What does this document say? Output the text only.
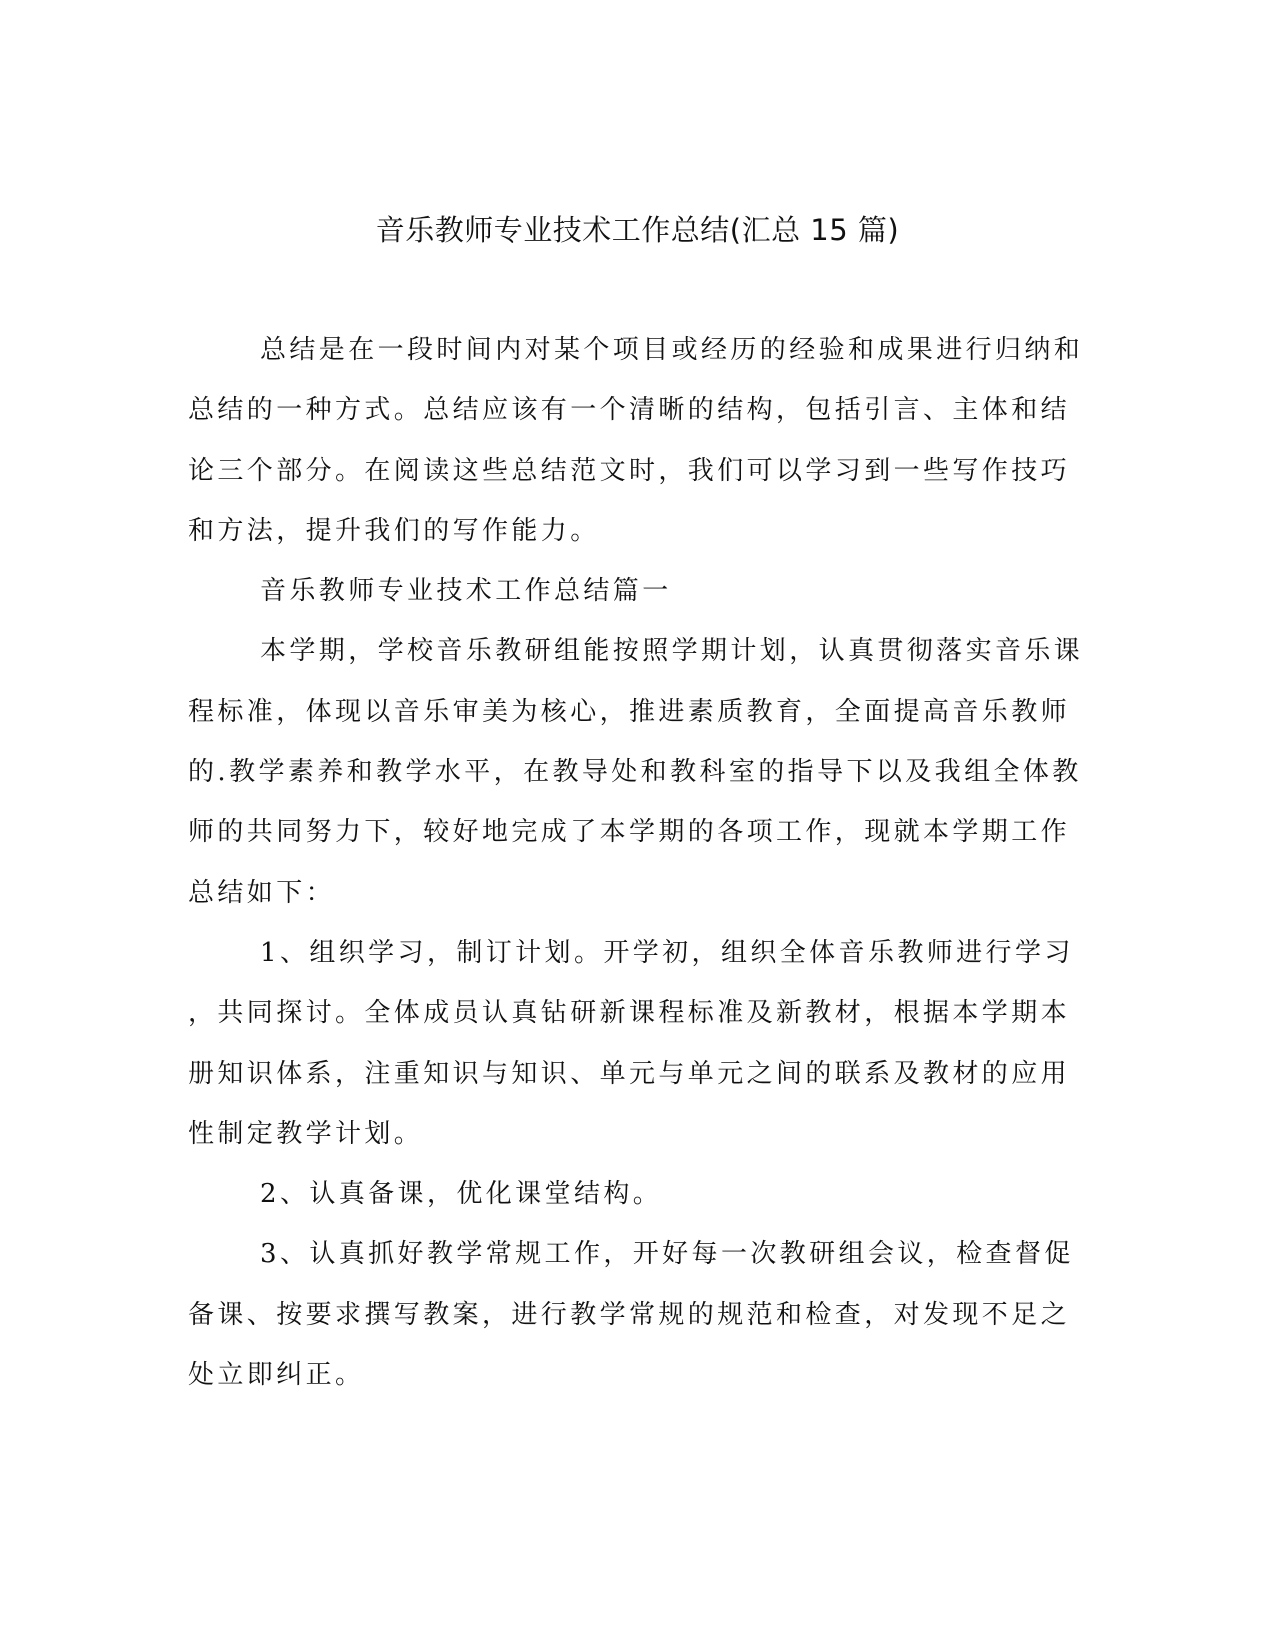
音乐教师专业技术工作总结(汇总 15 篇)
总结是在一段时间内对某个项目或经历的经验和成果进行归纳和
总结的一种方式。总结应该有一个清晰的结构，包括引言、主体和结
论三个部分。在阅读这些总结范文时，我们可以学习到一些写作技巧
和方法，提升我们的写作能力。
音乐教师专业技术工作总结篇一
本学期，学校音乐教研组能按照学期计划，认真贯彻落实音乐课
程标准，体现以音乐审美为核心，推进素质教育，全面提高音乐教师
的.教学素养和教学水平，在教导处和教科室的指导下以及我组全体教
师的共同努力下，较好地完成了本学期的各项工作，现就本学期工作
总结如下：
1、组织学习，制订计划。开学初，组织全体音乐教师进行学习
，共同探讨。全体成员认真钻研新课程标准及新教材，根据本学期本
册知识体系，注重知识与知识、单元与单元之间的联系及教材的应用
性制定教学计划。
2、认真备课，优化课堂结构。
3、认真抓好教学常规工作，开好每一次教研组会议，检查督促
备课、按要求撰写教案，进行教学常规的规范和检查，对发现不足之
处立即纠正。
